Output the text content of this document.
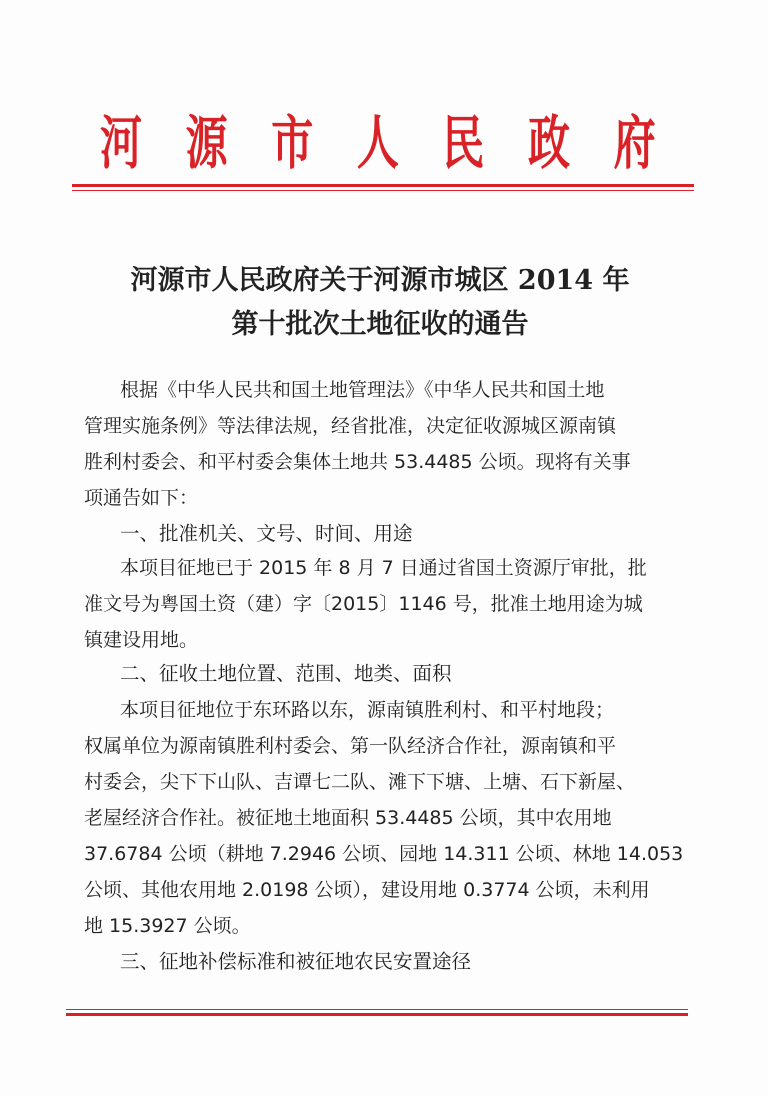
河 源 市 人 民 政 府
河源市人民政府关于河源市城区 2014 年
第十批次土地征收的通告
根据《中华人民共和国土地管理法》《中华人民共和国土地
管理实施条例》等法律法规，经省批准，决定征收源城区源南镇
胜利村委会、和平村委会集体土地共 53.4485 公顷。现将有关事
项通告如下：
一、批准机关、文号、时间、用途
本项目征地已于 2015 年 8 月 7 日通过省国土资源厅审批，批
准文号为粤国土资（建）字〔2015〕1146 号，批准土地用途为城
镇建设用地。
二、征收土地位置、范围、地类、面积
本项目征地位于东环路以东，源南镇胜利村、和平村地段；
权属单位为源南镇胜利村委会、第一队经济合作社，源南镇和平
村委会，尖下下山队、吉谭七二队、滩下下塘、上塘、石下新屋、
老屋经济合作社。被征地土地面积 53.4485 公顷，其中农用地
37.6784 公顷（耕地 7.2946 公顷、园地 14.311 公顷、林地 14.053
公顷、其他农用地 2.0198 公顷），建设用地 0.3774 公顷，未利用
地 15.3927 公顷。
三、征地补偿标准和被征地农民安置途径
